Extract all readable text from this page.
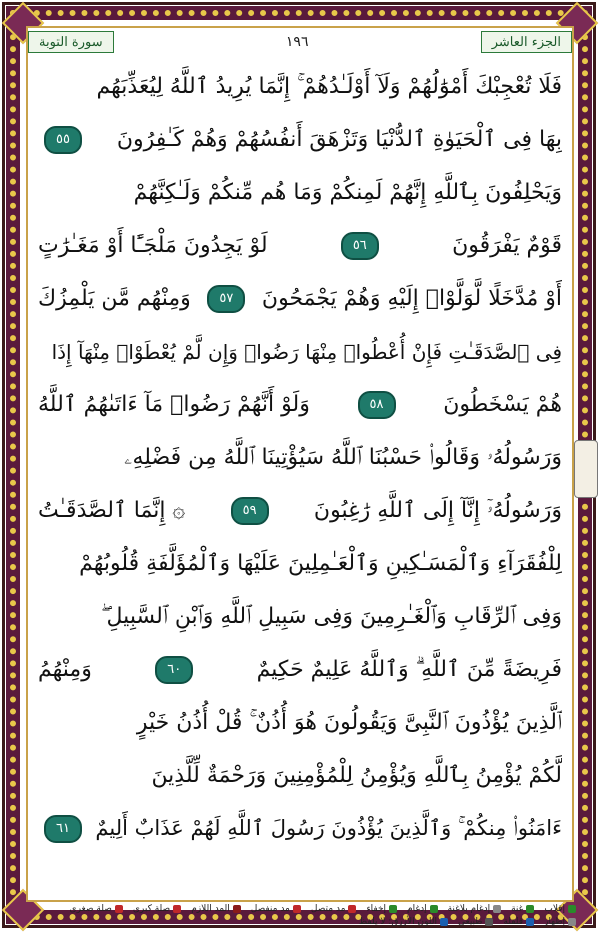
سورة التوبة	١٩٦	الجزء العاشر
فَلَا تُعْجِبْكَ أَمْوَٰلُهُمْ وَلَآ أَوْلَـٰدُهُمْ ۚ إِنَّمَا يُرِيدُ ٱللَّهُ لِيُعَذِّبَهُم
بِهَا فِى ٱلْحَيَوٰةِ ٱلدُّنْيَا وَتَزْهَقَ أَنفُسُهُمْ وَهُمْ كَـٰفِرُونَ
٥٥
وَيَحْلِفُونَ بِٱللَّهِ إِنَّهُمْ لَمِنكُمْ وَمَا هُم مِّنكُمْ وَلَـٰكِنَّهُمْ
قَوْمٌ يَفْرَقُونَ
٥٦
لَوْ يَجِدُونَ مَلْجَـًٔا أَوْ مَغَـٰرَٰتٍ
أَوْ مُدَّخَلًا لَّوَلَّوْا۟ إِلَيْهِ وَهُمْ يَجْمَحُونَ
٥٧
وَمِنْهُم مَّن يَلْمِزُكَ
فِى ٱلصَّدَقَـٰتِ فَإِنْ أُعْطُوا۟ مِنْهَا رَضُوا۟ وَإِن لَّمْ يُعْطَوْا۟ مِنْهَآ إِذَا
هُمْ يَسْخَطُونَ
٥٨
وَلَوْ أَنَّهُمْ رَضُوا۟ مَآ ءَاتَىٰهُمُ ٱللَّهُ
وَرَسُولُهُۥ وَقَالُوا۟ حَسْبُنَا ٱللَّهُ سَيُؤْتِينَا ٱللَّهُ مِن فَضْلِهِۦ
وَرَسُولُهُۥٓ إِنَّآ إِلَى ٱللَّهِ رَٰغِبُونَ
٥٩
۞ إِنَّمَا ٱلصَّدَقَـٰتُ
لِلْفُقَرَآءِ وَٱلْمَسَـٰكِينِ وَٱلْعَـٰمِلِينَ عَلَيْهَا وَٱلْمُؤَلَّفَةِ قُلُوبُهُمْ
وَفِى ٱلرِّقَابِ وَٱلْغَـٰرِمِينَ وَفِى سَبِيلِ ٱللَّهِ وَٱبْنِ ٱلسَّبِيلِ ۖ
فَرِيضَةً مِّنَ ٱللَّهِ ۗ وَٱللَّهُ عَلِيمٌ حَكِيمٌ
٦٠
وَمِنْهُمُ
ٱلَّذِينَ يُؤْذُونَ ٱلنَّبِىَّ وَيَقُولُونَ هُوَ أُذُنٌ ۚ قُلْ أُذُنُ خَيْرٍ
لَّكُمْ يُؤْمِنُ بِٱللَّهِ وَيُؤْمِنُ لِلْمُؤْمِنِينَ وَرَحْمَةٌ لِّلَّذِينَ
ءَامَنُوا۟ مِنكُمْ ۚ وَٱلَّذِينَ يُؤْذُونَ رَسُولَ ٱللَّهِ لَهُمْ عَذَابٌ أَلِيمٌ
٦١
إقلاب
غنة
إدغام بلاغنة
إدغام
إخفاء
مد متصل
مد منفصل
المد اللازم
صلة كبرى
صلة صغرى
إظهار
قلقلة
طبيعي
اللون الأزرق: لا يلفظ
